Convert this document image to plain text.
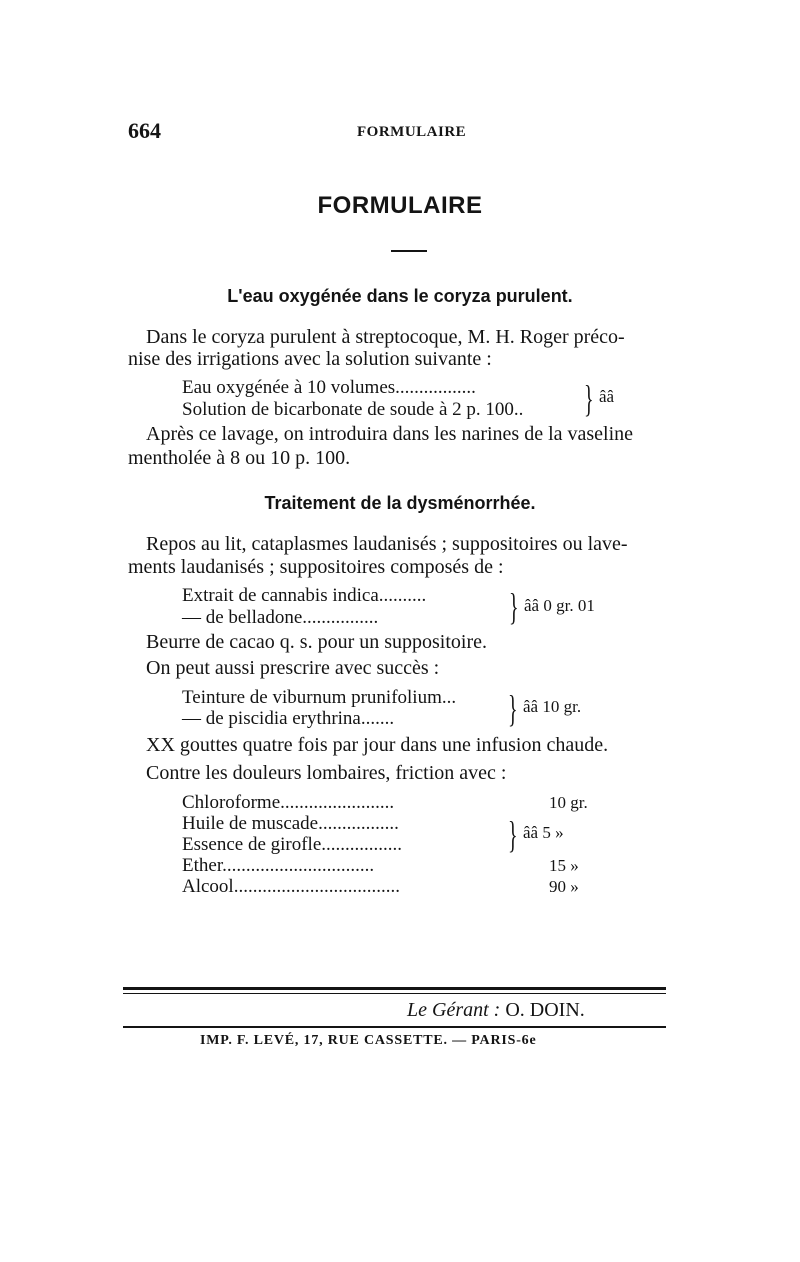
664	FORMULAIRE
FORMULAIRE
L'eau oxygénée dans le coryza purulent.
Dans le coryza purulent à streptocoque, M. H. Roger préco-
nise des irrigations avec la solution suivante :
Eau oxygénée à 10 volumes.................
Solution de bicarbonate de soude à 2 p. 100..	} ââ
Après ce lavage, on introduira dans les narines de la vaseline
mentholée à 8 ou 10 p. 100.
Traitement de la dysménorrhée.
Repos au lit, cataplasmes laudanisés ; suppositoires ou lave-
ments laudanisés ; suppositoires composés de :
Extrait de cannabis indica..........
— de belladone................	} ââ 0 gr. 01
Beurre de cacao q. s. pour un suppositoire.
On peut aussi prescrire avec succès :
Teinture de viburnum prunifolium...
— de piscidia erythrina.......	} ââ 10 gr.
XX gouttes quatre fois par jour dans une infusion chaude.
Contre les douleurs lombaires, friction avec :
Chloroforme........................	10 gr.
Huile de muscade.................
Essence de girofle.................	} ââ 5 »
Ether................................	15 »
Alcool...................................	90 »
Le Gérant : O. DOIN.
IMP. F. LEVÉ, 17, RUE CASSETTE. — PARIS-6e
